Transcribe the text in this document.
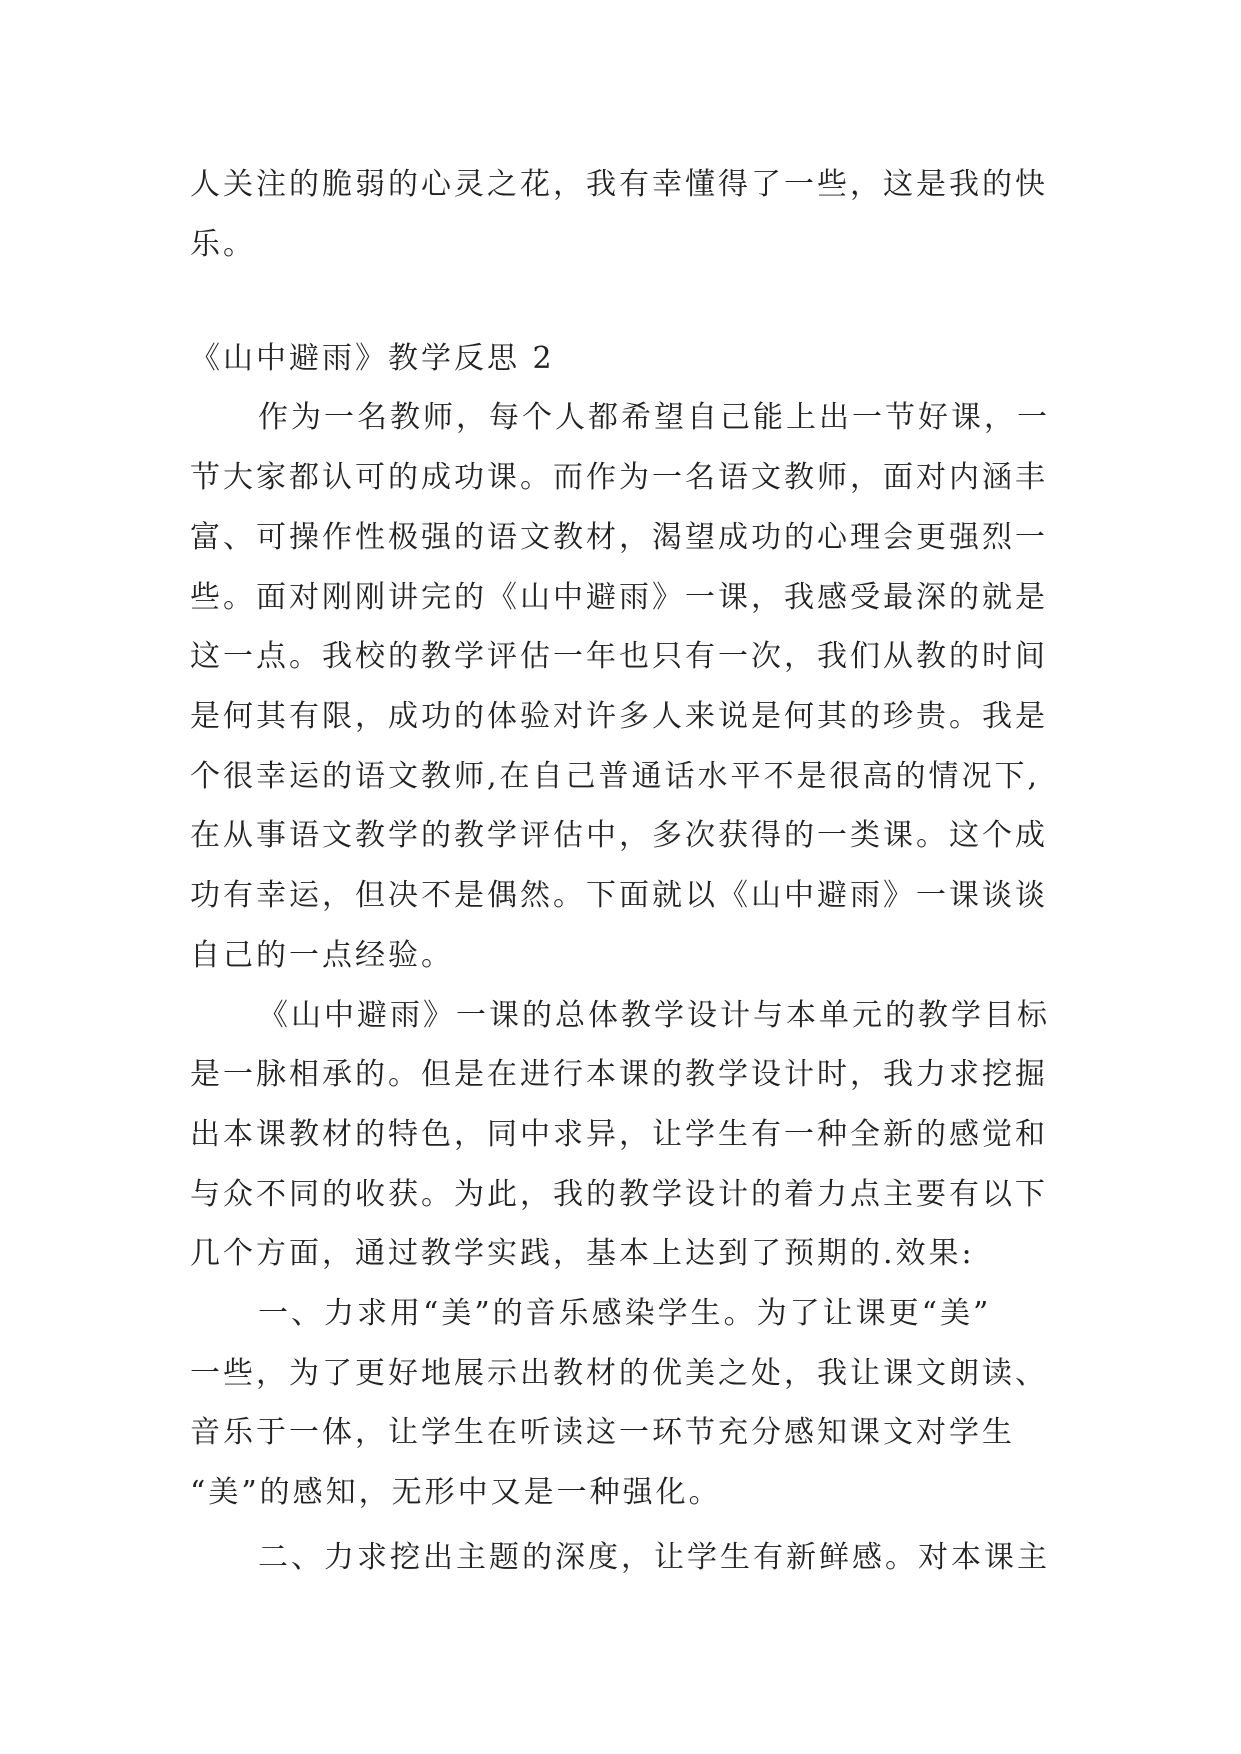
人关注的脆弱的心灵之花，我有幸懂得了一些，这是我的快
乐。
《山中避雨》教学反思 2
作为一名教师，每个人都希望自己能上出一节好课，一
节大家都认可的成功课。而作为一名语文教师，面对内涵丰
富、可操作性极强的语文教材，渴望成功的心理会更强烈一
些。面对刚刚讲完的《山中避雨》一课，我感受最深的就是
这一点。我校的教学评估一年也只有一次，我们从教的时间
是何其有限，成功的体验对许多人来说是何其的珍贵。我是
个很幸运的语文教师,在自己普通话水平不是很高的情况下,
在从事语文教学的教学评估中，多次获得的一类课。这个成
功有幸运，但决不是偶然。下面就以《山中避雨》一课谈谈
自己的一点经验。
《山中避雨》一课的总体教学设计与本单元的教学目标
是一脉相承的。但是在进行本课的教学设计时，我力求挖掘
出本课教材的特色，同中求异，让学生有一种全新的感觉和
与众不同的收获。为此，我的教学设计的着力点主要有以下
几个方面，通过教学实践，基本上达到了预期的.效果:
一、力求用“美”的音乐感染学生。为了让课更“美”
一些，为了更好地展示出教材的优美之处，我让课文朗读、
音乐于一体，让学生在听读这一环节充分感知课文对学生
“美”的感知，无形中又是一种强化。
二、力求挖出主题的深度，让学生有新鲜感。对本课主
